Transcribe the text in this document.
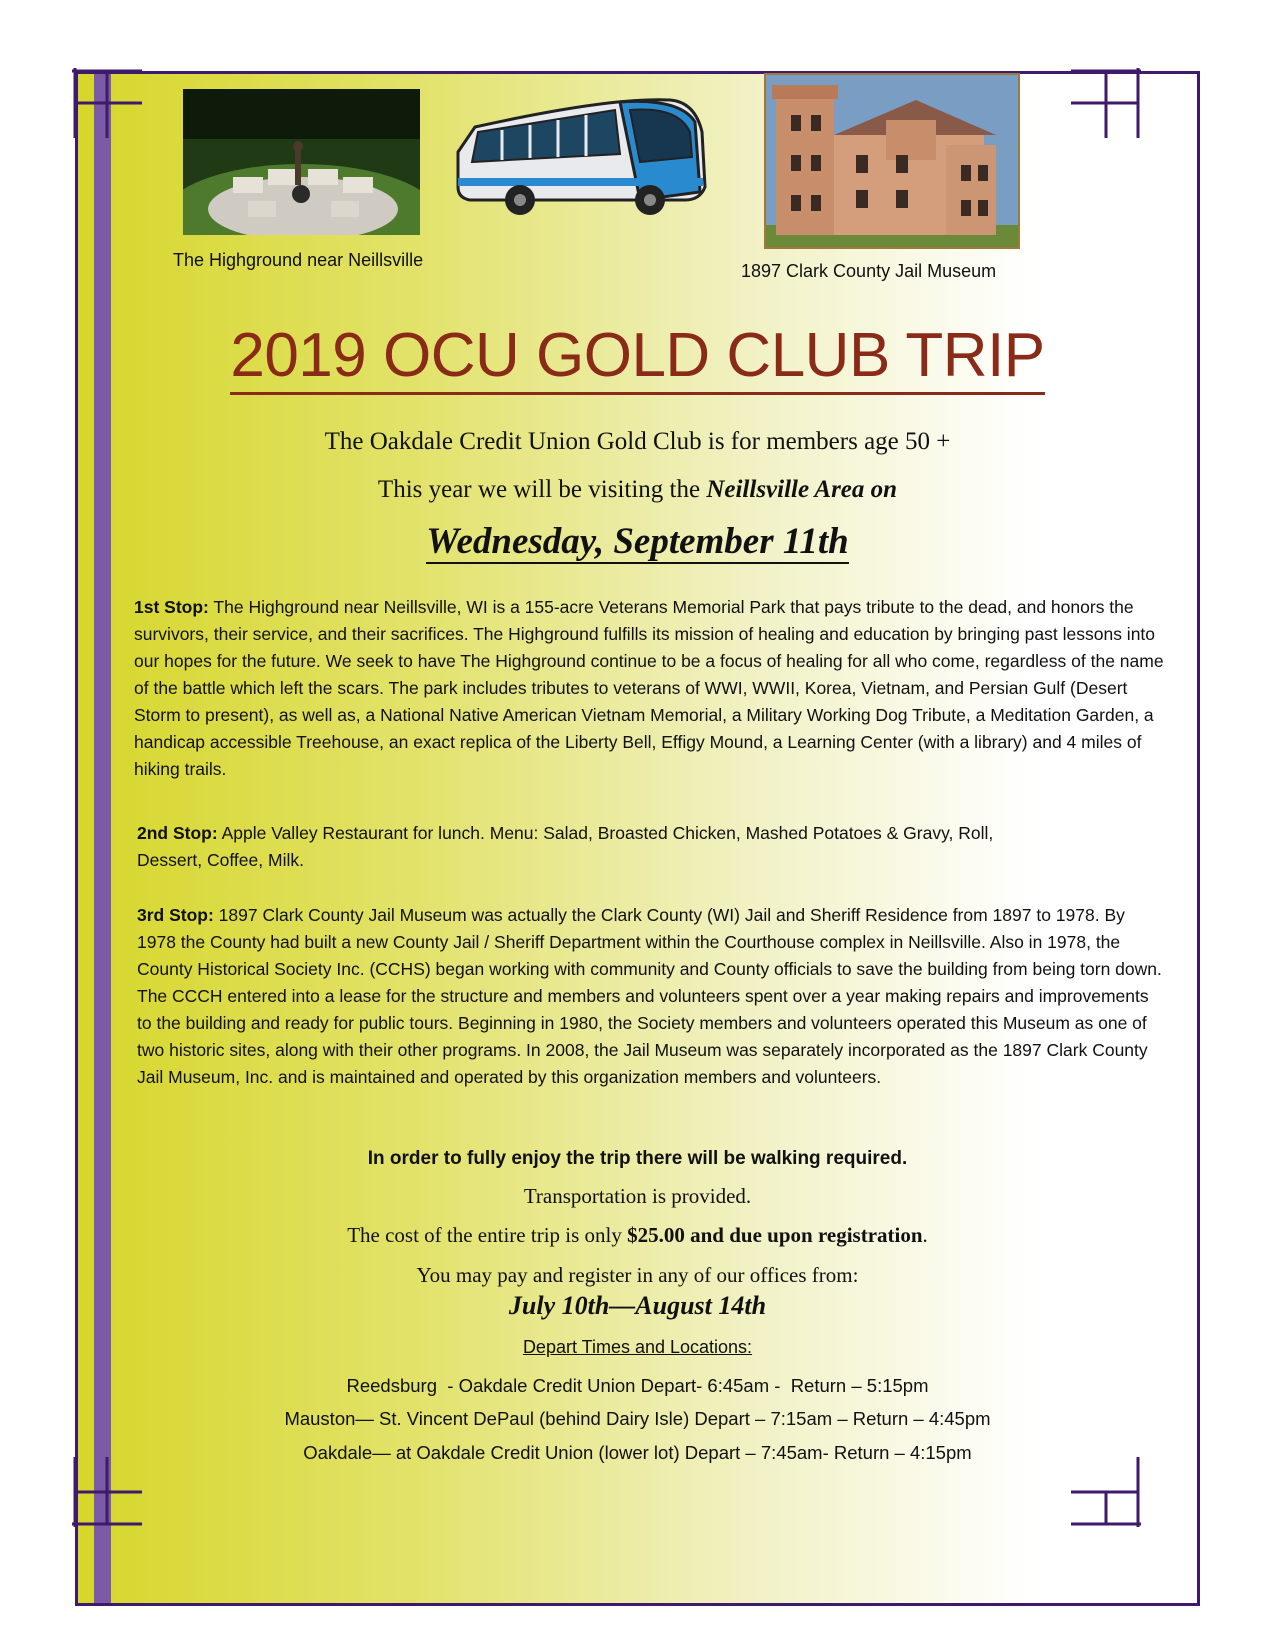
The Highground near Neillsville
1897 Clark County Jail Museum
2019 OCU GOLD CLUB TRIP
The Oakdale Credit Union Gold Club is for members age 50 +
This year we will be visiting the Neillsville Area on
Wednesday, September 11th
1st Stop: The Highground near Neillsville, WI is a 155-acre Veterans Memorial Park that pays tribute to the dead, and honors the survivors, their service, and their sacrifices. The Highground fulfills its mission of healing and education by bringing past lessons into our hopes for the future. We seek to have The Highground continue to be a focus of healing for all who come, regardless of the name of the battle which left the scars. The park includes tributes to veterans of WWI, WWII, Korea, Vietnam, and Persian Gulf (Desert Storm to present), as well as, a National Native American Vietnam Memorial, a Military Working Dog Tribute, a Meditation Garden, a handicap accessible Treehouse, an exact replica of the Liberty Bell, Effigy Mound, a Learning Center (with a library) and 4 miles of hiking trails.
2nd Stop: Apple Valley Restaurant for lunch. Menu: Salad, Broasted Chicken, Mashed Potatoes & Gravy, Roll, Dessert, Coffee, Milk.
3rd Stop: 1897 Clark County Jail Museum was actually the Clark County (WI) Jail and Sheriff Residence from 1897 to 1978. By 1978 the County had built a new County Jail / Sheriff Department within the Courthouse complex in Neillsville. Also in 1978, the County Historical Society Inc. (CCHS) began working with community and County officials to save the building from being torn down. The CCCH entered into a lease for the structure and members and volunteers spent over a year making repairs and improvements to the building and ready for public tours. Beginning in 1980, the Society members and volunteers operated this Museum as one of two historic sites, along with their other programs. In 2008, the Jail Museum was separately incorporated as the 1897 Clark County Jail Museum, Inc. and is maintained and operated by this organization members and volunteers.
In order to fully enjoy the trip there will be walking required.
Transportation is provided.
The cost of the entire trip is only $25.00 and due upon registration.
You may pay and register in any of our offices from:
July 10th—August 14th
Depart Times and Locations:
Reedsburg  - Oakdale Credit Union Depart- 6:45am -  Return – 5:15pm
Mauston— St. Vincent DePaul (behind Dairy Isle) Depart – 7:15am – Return – 4:45pm
Oakdale— at Oakdale Credit Union (lower lot) Depart – 7:45am- Return – 4:15pm
